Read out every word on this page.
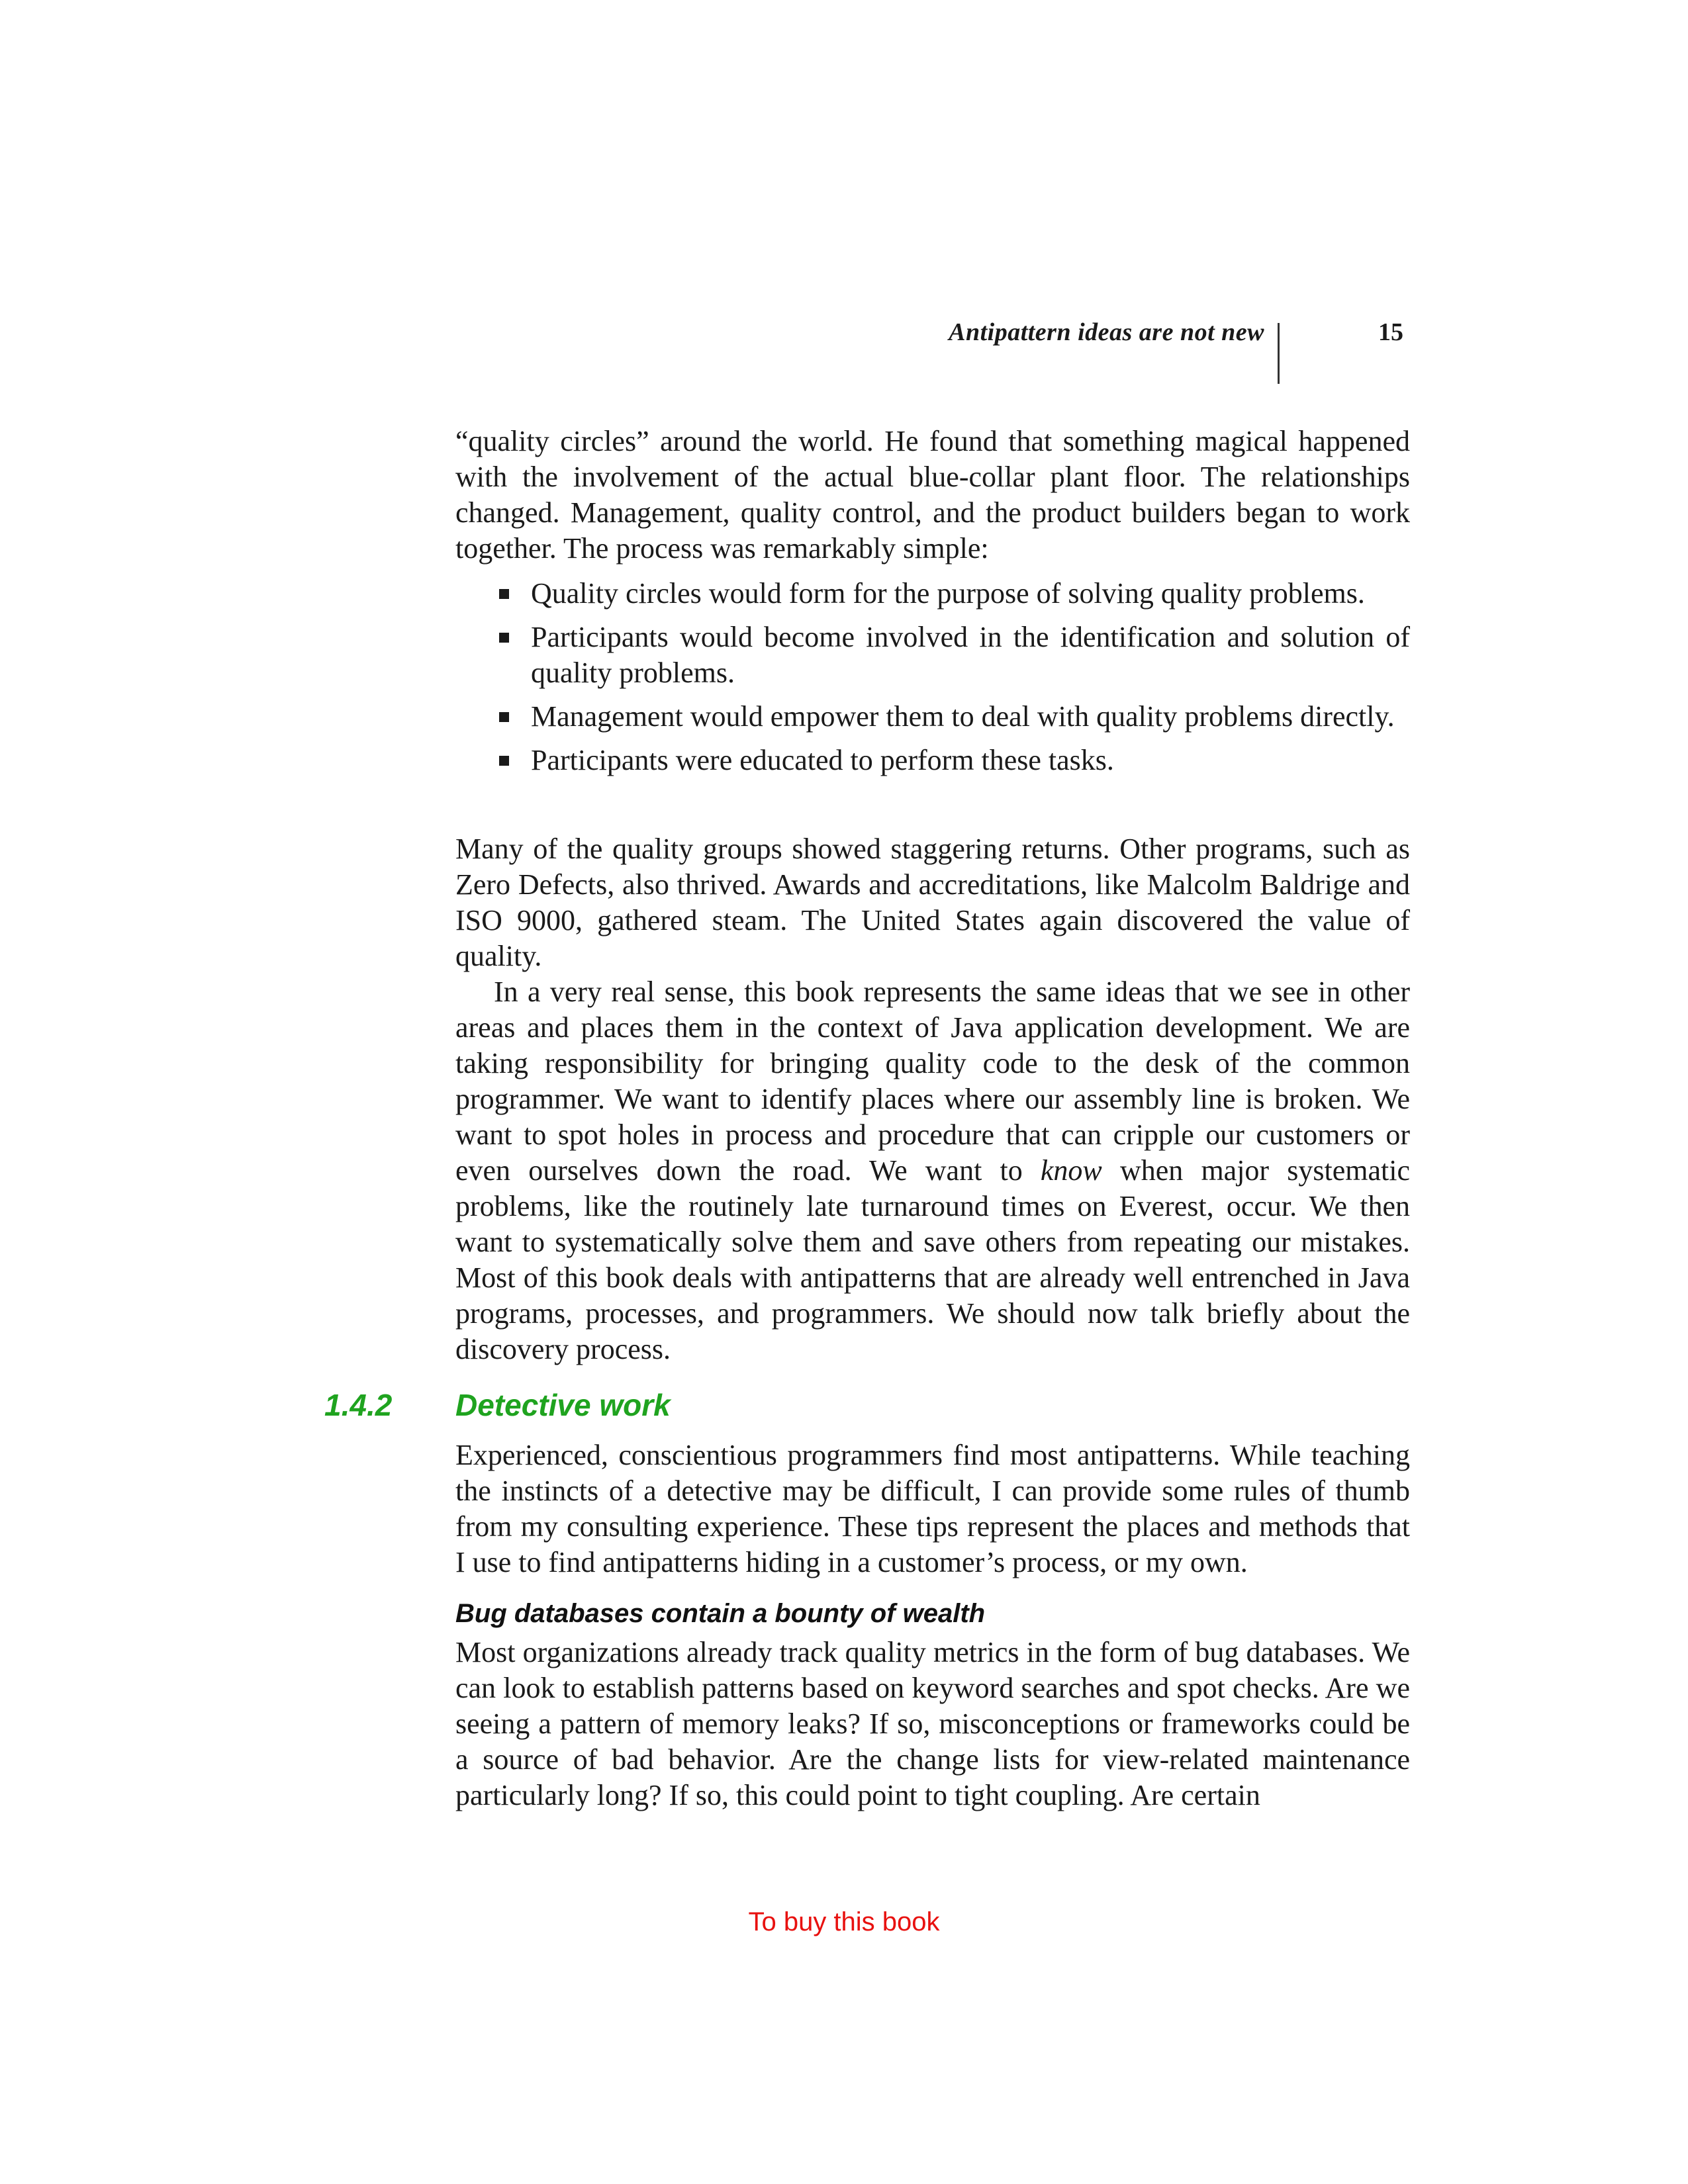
Antipattern ideas are not new	15

“quality circles” around the world. He found that something magical happened with the involvement of the actual blue-collar plant floor. The relationships changed. Management, quality control, and the product builders began to work together. The process was remarkably simple:

Quality circles would form for the purpose of solving quality problems.
Participants would become involved in the identification and solution of quality problems.
Management would empower them to deal with quality problems directly.
Participants were educated to perform these tasks.

Many of the quality groups showed staggering returns. Other programs, such as Zero Defects, also thrived. Awards and accreditations, like Malcolm Baldrige and ISO 9000, gathered steam. The United States again discovered the value of quality.

In a very real sense, this book represents the same ideas that we see in other areas and places them in the context of Java application development. We are taking responsibility for bringing quality code to the desk of the common programmer. We want to identify places where our assembly line is broken. We want to spot holes in process and procedure that can cripple our customers or even ourselves down the road. We want to know when major systematic problems, like the routinely late turnaround times on Everest, occur. We then want to systematically solve them and save others from repeating our mistakes. Most of this book deals with antipatterns that are already well entrenched in Java programs, processes, and programmers. We should now talk briefly about the discovery process.

1.4.2 Detective work

Experienced, conscientious programmers find most antipatterns. While teaching the instincts of a detective may be difficult, I can provide some rules of thumb from my consulting experience. These tips represent the places and methods that I use to find antipatterns hiding in a customer’s process, or my own.

Bug databases contain a bounty of wealth

Most organizations already track quality metrics in the form of bug databases. We can look to establish patterns based on keyword searches and spot checks. Are we seeing a pattern of memory leaks? If so, misconceptions or frameworks could be a source of bad behavior. Are the change lists for view-related maintenance particularly long? If so, this could point to tight coupling. Are certain

To buy this book
